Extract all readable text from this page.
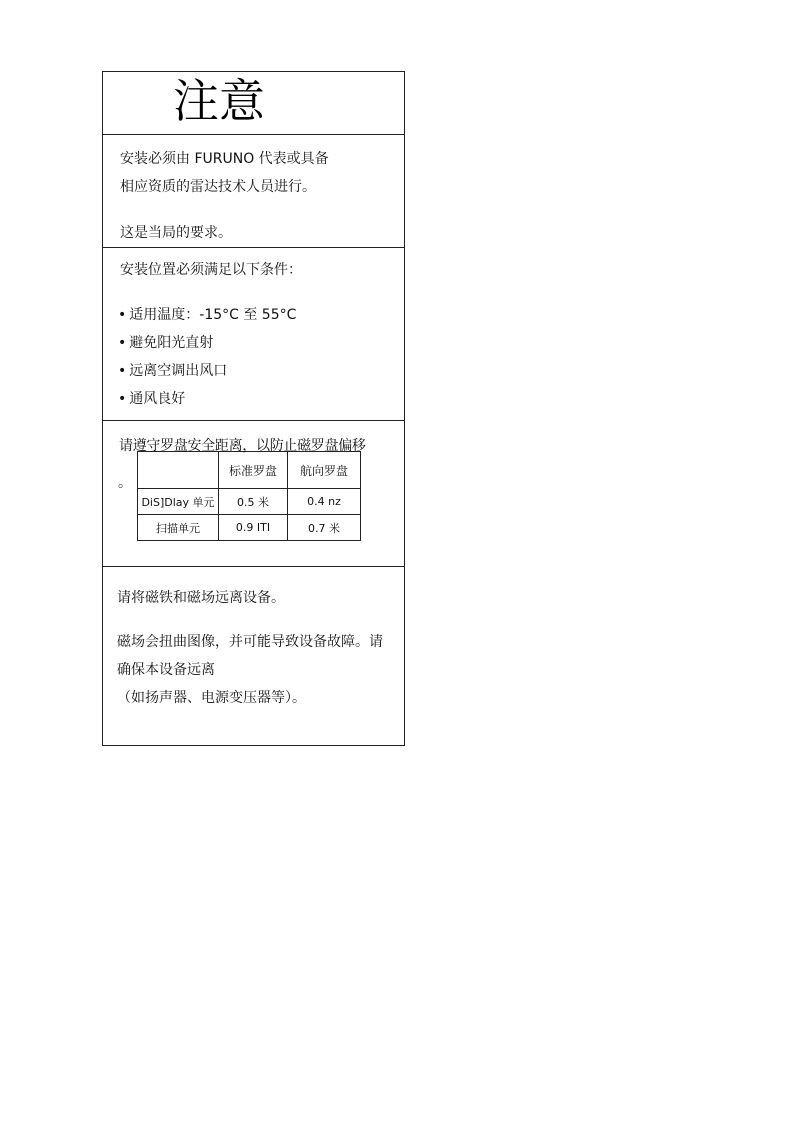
注意
安装必须由 FURUNO 代表或具备
相应资质的雷达技术人员进行。
这是当局的要求。
安装位置必须满足以下条件：
• 适用温度：-15°C 至 55°C
• 避免阳光直射
• 远离空调出风口
• 通风良好
	标准罗盘	航向罗盘
DiS]Dlay 单元	0.5 米	0.4 nz
扫描单元	0.9 ITI	0.7 米
请遵守罗盘安全距离，以防止磁罗盘偏移
。
请将磁铁和磁场远离设备。
磁场会扭曲图像，并可能导致设备故障。请
确保本设备远离
（如扬声器、电源变压器等）。
